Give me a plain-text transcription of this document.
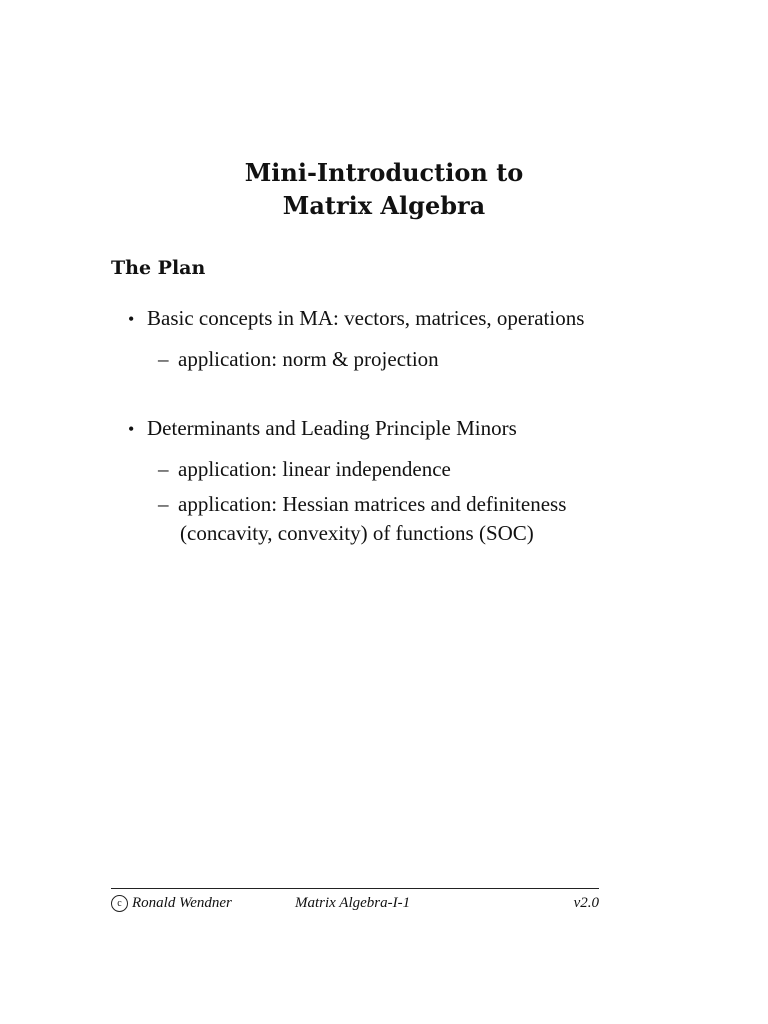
Mini-Introduction to
Matrix Algebra
The Plan
• Basic concepts in MA: vectors, matrices, operations
– application: norm & projection
• Determinants and Leading Principle Minors
– application: linear independence
– application: Hessian matrices and definiteness
(concavity, convexity) of functions (SOC)
c Ronald Wendner	Matrix Algebra-I-1	v2.0
